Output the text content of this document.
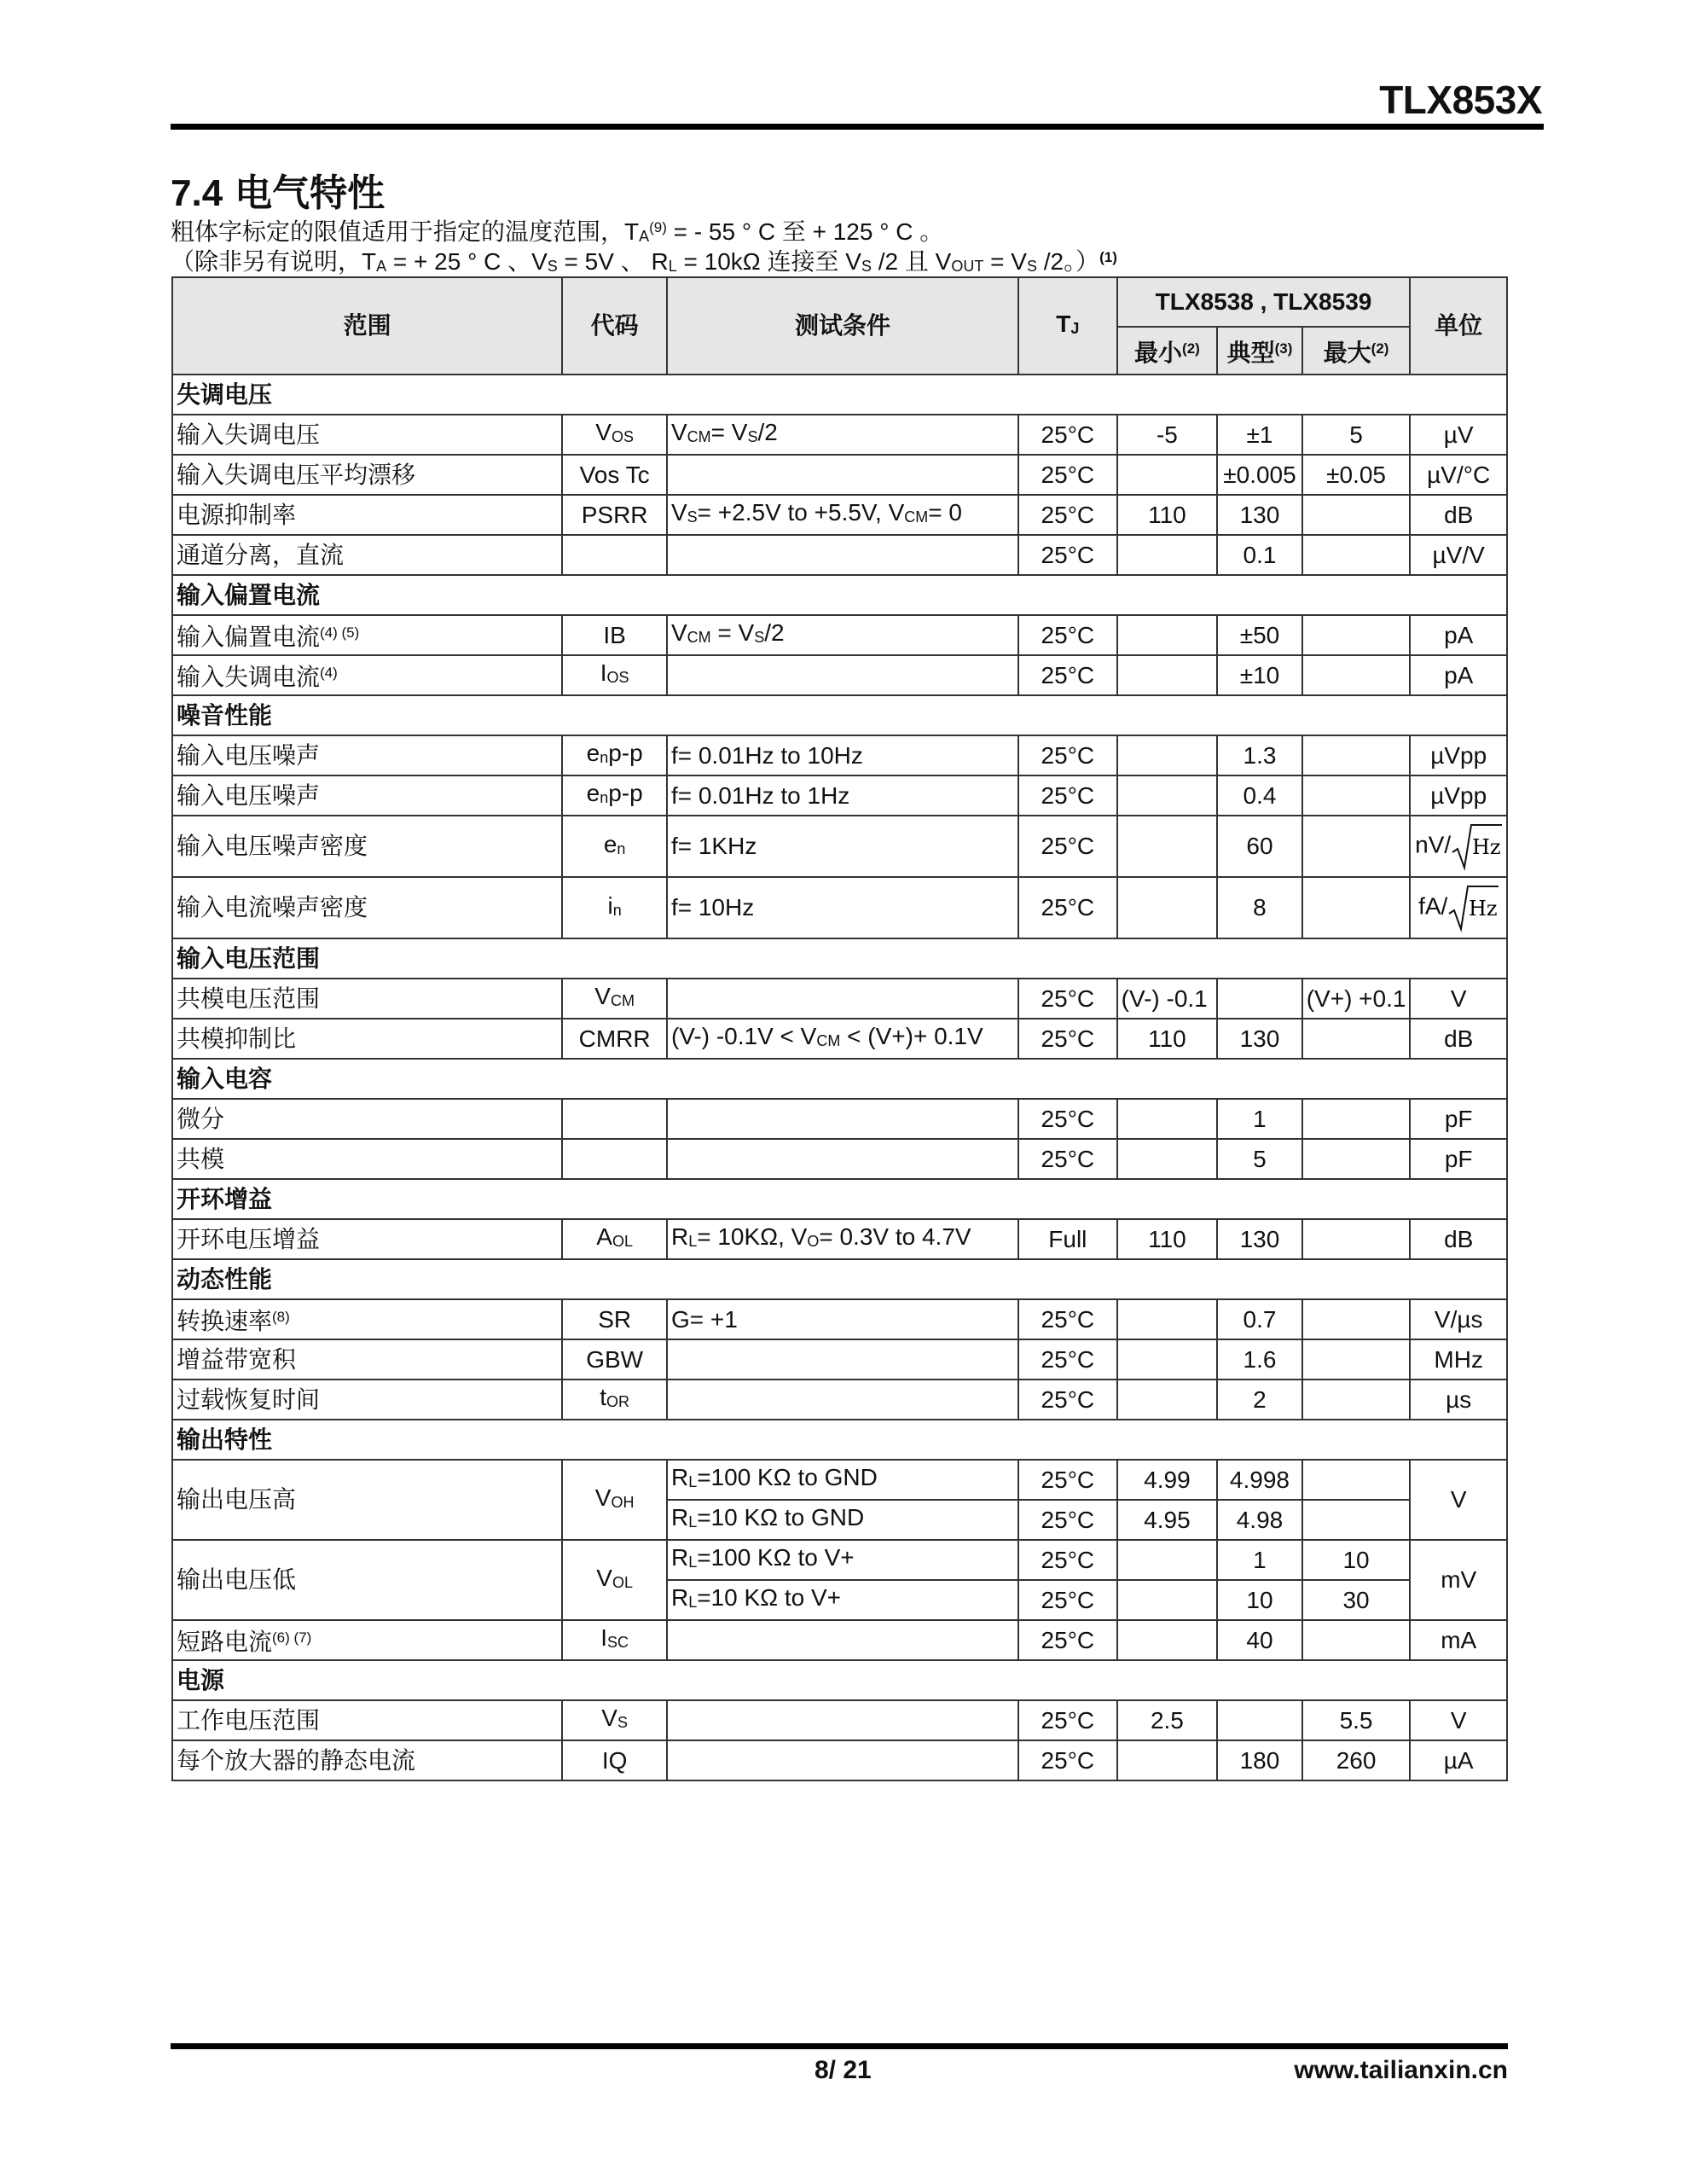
TLX853X
7.4 电气特性
粗体字标定的限值适用于指定的温度范围，$T_A^{(9)}$ = - 55 ° C 至 + 125 ° C 。
（除非另有说明，$T_A$ = + 25 ° C 、$V_S = 5V$ 、 $R_L = 10k\Omega$ 连接至 $V_S$ /2 且 $V_{OUT} = V_S$ /2。）$^{(1)}$
范围	代码	测试条件	$T_J$	TLX8538 , TLX8539			单位
				最小$^{(2)}$	典型$^{(3)}$	最大$^{(2)}$
失调电压							
输入失调电压	$V_{OS}$	$V_{CM}= V_S/2$	25°C	-5	±1	5	µV
输入失调电压平均漂移	Vos Tc		25°C		±0.005	±0.05	µV/°C
电源抑制率	PSRR	$V_S= +2.5V$ to +5.5V, $V_{CM}= 0$	25°C	110	130		dB
通道分离，直流			25°C		0.1		µV/V
输入偏置电流							
输入偏置电流$^{(4) (5)}$	IB	$V_{CM} = V_S/2$	25°C		±50		pA
输入失调电流$^{(4)}$	$I_{OS}$		25°C		±10		pA
噪音性能							
输入电压噪声	$e_np-p$	f= 0.01Hz to 10Hz	25°C		1.3		µVpp
输入电压噪声	$e_np-p$	f= 0.01Hz to 1Hz	25°C		0.4		µVpp
输入电压噪声密度	$e_n$	f= 1KHz	25°C		60		nV/ Hz

输入电流噪声密度	$i_n$	f= 10Hz	25°C		8		fA/ Hz

输入电压范围							
共模电压范围	$V_{CM}$		25°C	(V-) -0.1		(V+) +0.1	V
共模抑制比	CMRR	(V-) $-0.1V < V_{CM} < (V+)+ 0.1V$	25°C	110	130		dB
输入电容							
微分			25°C		1		pF
共模			25°C		5		pF
开环增益							
开环电压增益	$A_{OL}$	$R_L= 10K\Omega$, $V_O= 0.3V$ to 4.7V	Full	110	130		dB
动态性能							
转换速率$^{(8)}$	SR	G= +1	25°C		0.7		V/µs
增益带宽积	GBW		25°C		1.6		MHz
过载恢复时间	$t_{OR}$		25°C		2		µs
输出特性							
输出电压高	$V_{OH}$	$R_L=100$ KΩ to GND	25°C	4.99	4.998		V
		$R_L=10$ KΩ to GND	25°C	4.95	4.98		
输出电压低	$V_{OL}$	$R_L=100$ KΩ to V+	25°C		1	10	mV
		$R_L=10$ KΩ to V+	25°C		10	30	
短路电流$^{(6) (7)}$	$I_{SC}$		25°C		40		mA
电源							
工作电压范围	$V_S$		25°C	2.5		5.5	V
每个放大器的静态电流	IQ		25°C		180	260	µA
8/ 21	www.tailianxin.cn
